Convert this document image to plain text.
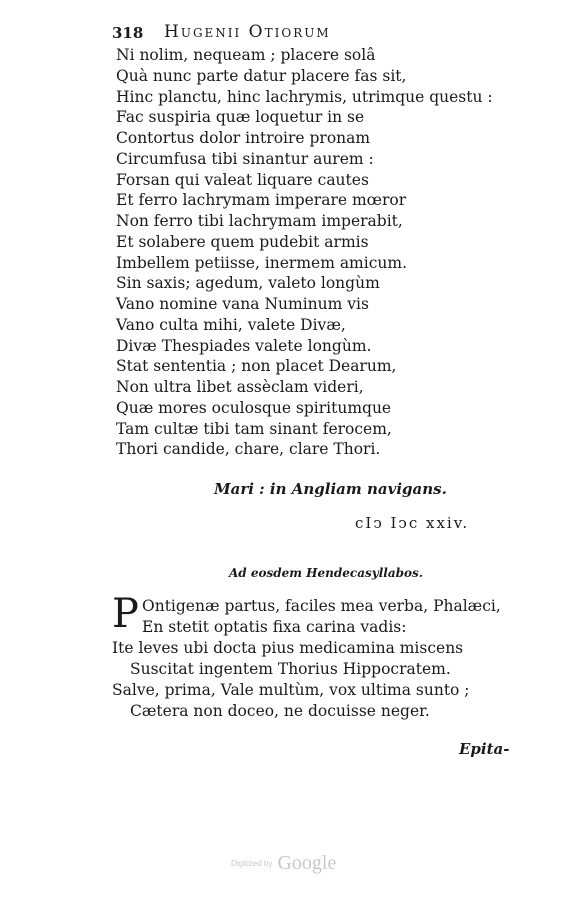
318 Hugenii Otiorum
Ni nolim, nequeam ; placere solâ
Quà nunc parte datur placere fas sit,
Hinc planctu, hinc lachrymis, utrimque questu :
Fac suspiria quæ loquetur in se
Contortus dolor introire pronam
Circumfusa tibi sinantur aurem :
Forsan qui valeat liquare cautes
Et ferro lachrymam imperare mœror
Non ferro tibi lachrymam imperabit,
Et solabere quem pudebit armis
Imbellem petiisse, inermem amicum.
Sin saxis; agedum, valeto longùm
Vano nomine vana Numinum vis
Vano culta mihi, valete Divæ,
Divæ Thespiades valete longùm.
Stat sententia ; non placet Dearum,
Non ultra libet assèclam videri,
Quæ mores oculosque spiritumque
Tam cultæ tibi tam sinant ferocem,
Thori candide, chare, clare Thori.
Mari : in Angliam navigans.
cIↄ Iↄc xxiv.
Ad eosdem Hendecasyllabos.
P Ontigenæ partus, faciles mea verba, Phalæci,
En stetit optatis fixa carina vadis:
Ite leves ubi docta pius medicamina miscens
Suscitat ingentem Thorius Hippocratem.
Salve, prima, Vale multùm, vox ultima sunto ;
Cætera non doceo, ne docuisse neger.
Epita-
Digitized by Google
